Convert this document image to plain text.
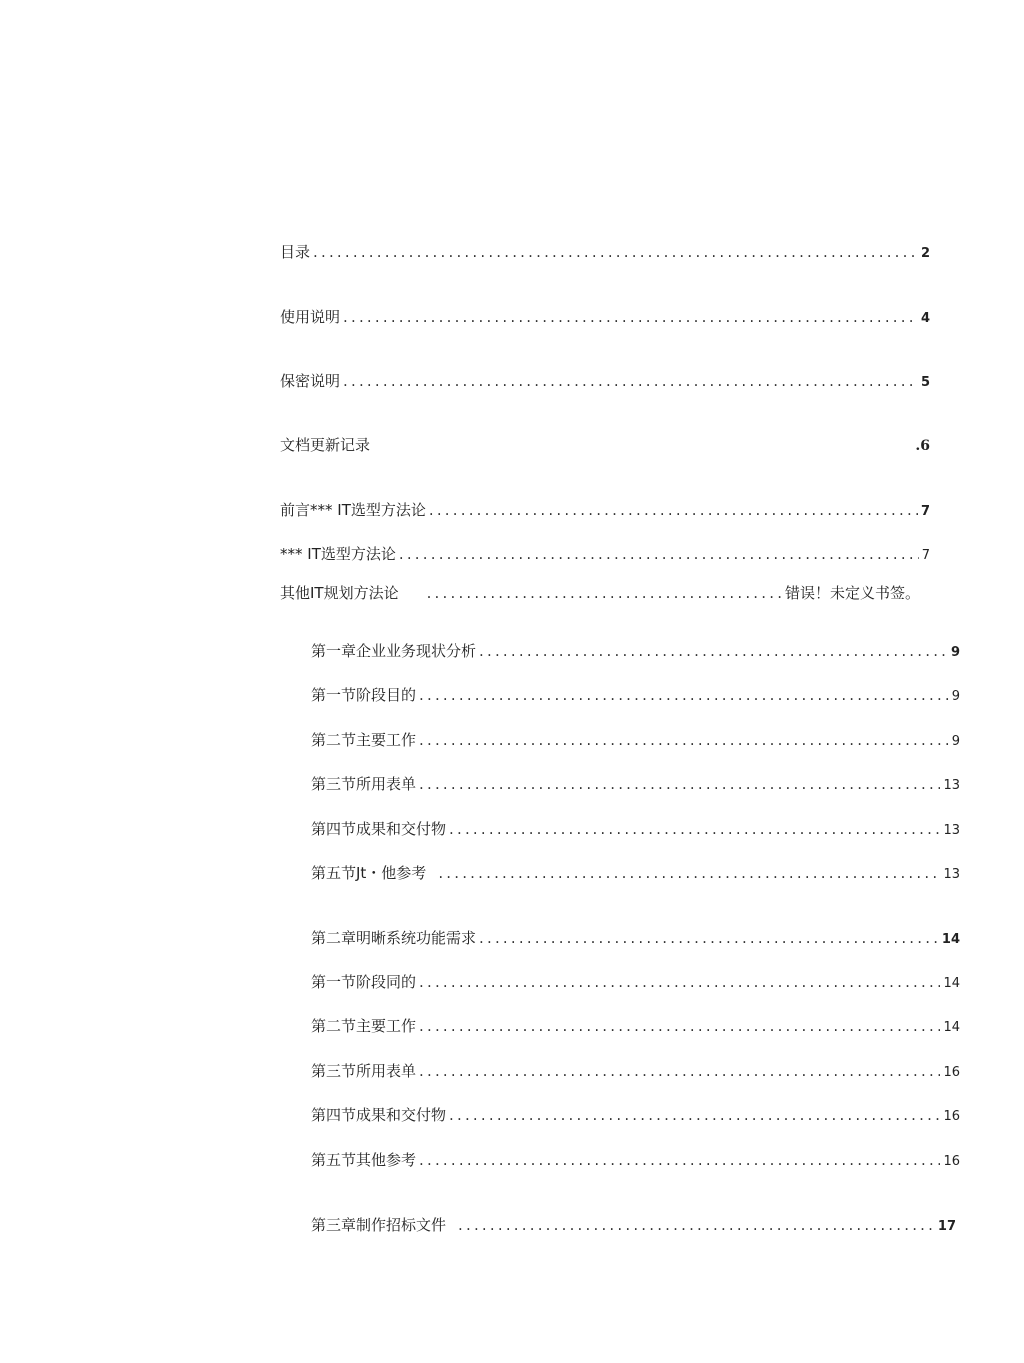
目录 .....	2
使用说明 .....	4
保密说明 .....	5
文档更新记录	.6
前言*** IT选型方法论 .....	7
*** IT选型方法论 .....	7
其他IT规划方法论 .....	错误！未定义书签。
第一章企业业务现状分析 .....	9
第一节阶段目的 .....	9
第二节主要工作 .....	9
第三节所用表单 .....	13
第四节成果和交付物 .....	13
第五节Jt・他参考 .....	13
第二章明晰系统功能需求 .....	14
第一节阶段同的 .....	14
第二节主要工作 .....	14
第三节所用表单 .....	16
第四节成果和交付物 .....	16
第五节其他参考 .....	16
第三章制作招标文件 .....	17
